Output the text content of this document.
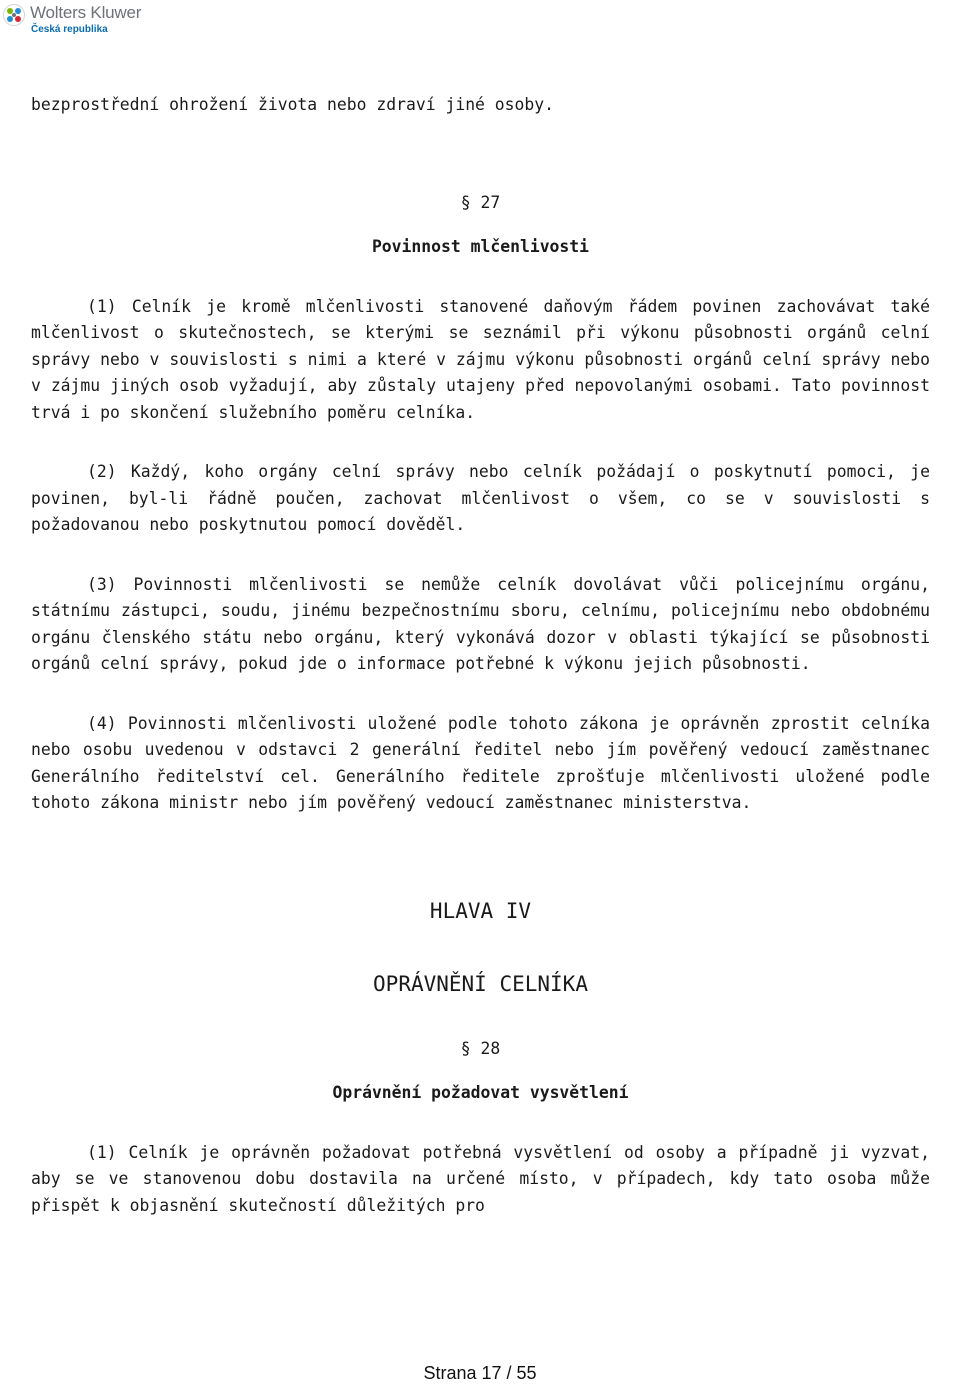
Wolters Kluwer
Česká republika

bezprostřední ohrožení života nebo zdraví jiné osoby.

§ 27

Povinnost mlčenlivosti

(1) Celník je kromě mlčenlivosti stanovené daňovým řádem povinen zachovávat také mlčenlivost o skutečnostech, se kterými se seznámil při výkonu působnosti orgánů celní správy nebo v souvislosti s nimi a které v zájmu výkonu působnosti orgánů celní správy nebo v zájmu jiných osob vyžadují, aby zůstaly utajeny před nepovolanými osobami. Tato povinnost trvá i po skončení služebního poměru celníka.

(2) Každý, koho orgány celní správy nebo celník požádají o poskytnutí pomoci, je povinen, byl-li řádně poučen, zachovat mlčenlivost o všem, co se v souvislosti s požadovanou nebo poskytnutou pomocí dověděl.

(3) Povinnosti mlčenlivosti se nemůže celník dovolávat vůči policejnímu orgánu, státnímu zástupci, soudu, jinému bezpečnostnímu sboru, celnímu, policejnímu nebo obdobnému orgánu členského státu nebo orgánu, který vykonává dozor v oblasti týkající se působnosti orgánů celní správy, pokud jde o informace potřebné k výkonu jejich působnosti.

(4) Povinnosti mlčenlivosti uložené podle tohoto zákona je oprávněn zprostit celníka nebo osobu uvedenou v odstavci 2 generální ředitel nebo jím pověřený vedoucí zaměstnanec Generálního ředitelství cel. Generálního ředitele zprošťuje mlčenlivosti uložené podle tohoto zákona ministr nebo jím pověřený vedoucí zaměstnanec ministerstva.

HLAVA IV

OPRÁVNĚNÍ CELNÍKA

§ 28

Oprávnění požadovat vysvětlení

(1) Celník je oprávněn požadovat potřebná vysvětlení od osoby a případně ji vyzvat, aby se ve stanovenou dobu dostavila na určené místo, v případech, kdy tato osoba může přispět k objasnění skutečností důležitých pro

Strana 17 / 55
